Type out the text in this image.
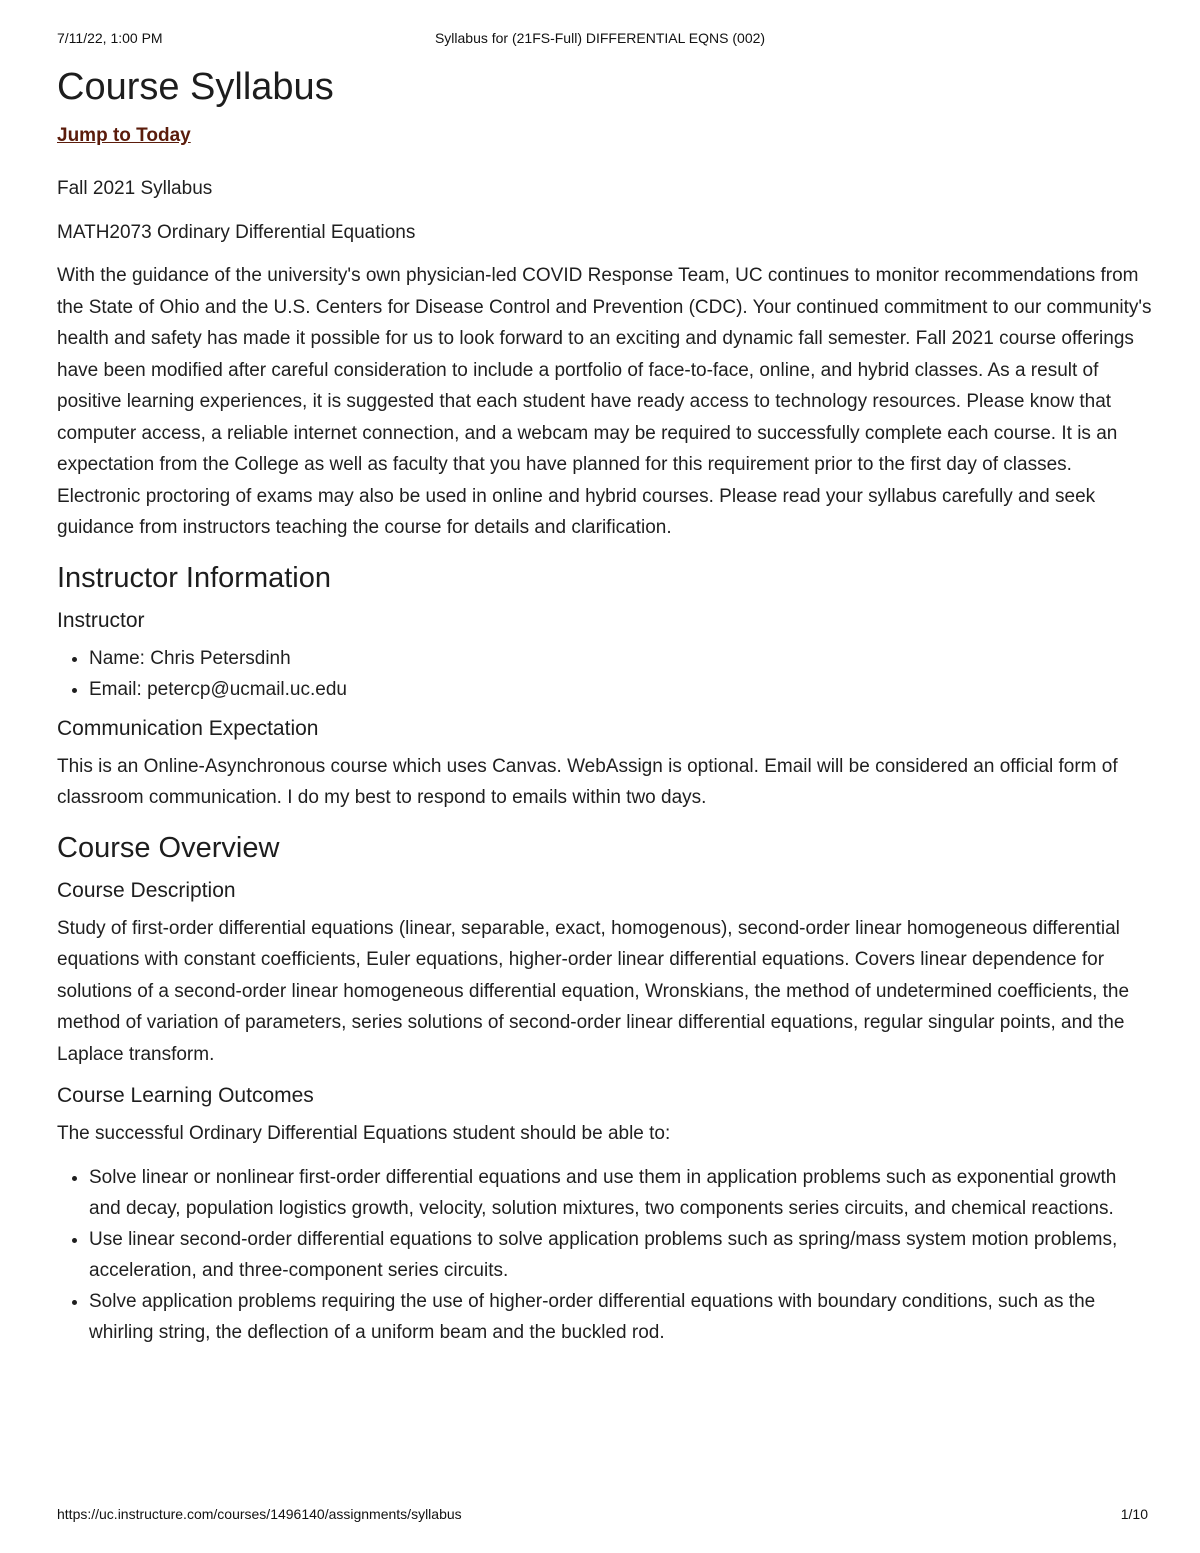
7/11/22, 1:00 PM	Syllabus for (21FS-Full) DIFFERENTIAL EQNS (002)
Course Syllabus
Jump to Today

Fall 2021 Syllabus

MATH2073 Ordinary Differential Equations

With the guidance of the university's own physician-led COVID Response Team, UC continues to monitor recommendations from the State of Ohio and the U.S. Centers for Disease Control and Prevention (CDC). Your continued commitment to our community's health and safety has made it possible for us to look forward to an exciting and dynamic fall semester. Fall 2021 course offerings have been modified after careful consideration to include a portfolio of face-to-face, online, and hybrid classes. As a result of positive learning experiences, it is suggested that each student have ready access to technology resources. Please know that computer access, a reliable internet connection, and a webcam may be required to successfully complete each course. It is an expectation from the College as well as faculty that you have planned for this requirement prior to the first day of classes. Electronic proctoring of exams may also be used in online and hybrid courses. Please read your syllabus carefully and seek guidance from instructors teaching the course for details and clarification.

Instructor Information
Instructor
• Name: Chris Petersdinh
• Email: petercp@ucmail.uc.edu
Communication Expectation

This is an Online-Asynchronous course which uses Canvas. WebAssign is optional. Email will be considered an official form of classroom communication. I do my best to respond to emails within two days.

Course Overview
Course Description

Study of first-order differential equations (linear, separable, exact, homogenous), second-order linear homogeneous differential equations with constant coefficients, Euler equations, higher-order linear differential equations. Covers linear dependence for solutions of a second-order linear homogeneous differential equation, Wronskians, the method of undetermined coefficients, the method of variation of parameters, series solutions of second-order linear differential equations, regular singular points, and the Laplace transform.

Course Learning Outcomes

The successful Ordinary Differential Equations student should be able to:

• Solve linear or nonlinear first-order differential equations and use them in application problems such as exponential growth and decay, population logistics growth, velocity, solution mixtures, two components series circuits, and chemical reactions.
• Use linear second-order differential equations to solve application problems such as spring/mass system motion problems, acceleration, and three-component series circuits.
• Solve application problems requiring the use of higher-order differential equations with boundary conditions, such as the whirling string, the deflection of a uniform beam and the buckled rod.
https://uc.instructure.com/courses/1496140/assignments/syllabus	1/10
